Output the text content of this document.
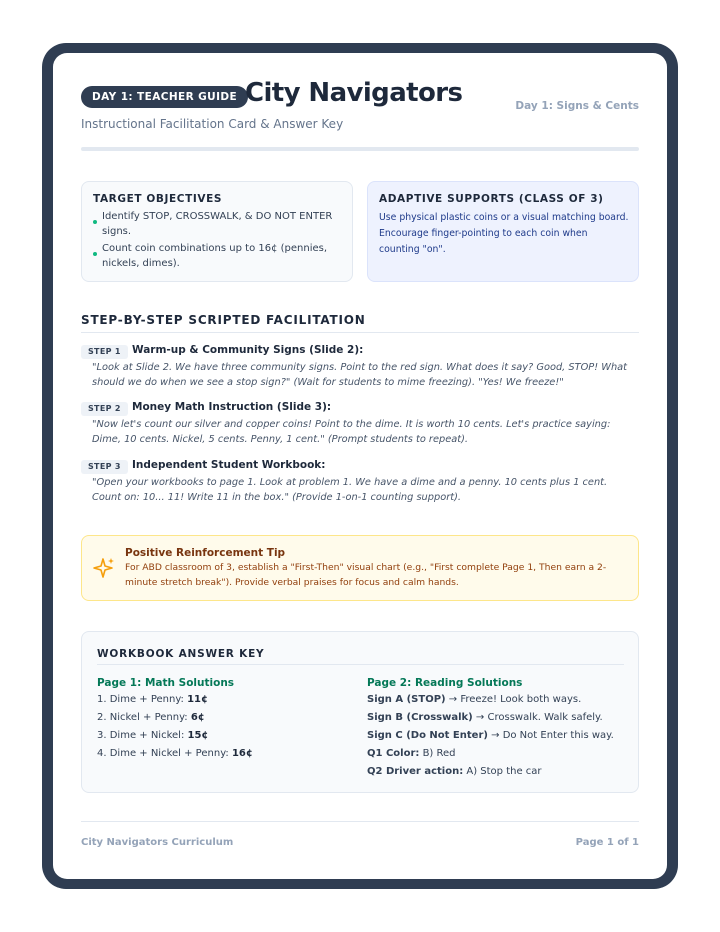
DAY 1: TEACHER GUIDE City Navigators
Instructional Facilitation Card & Answer Key
Day 1: Signs & Cents
TARGET OBJECTIVES
Identify STOP, CROSSWALK, & DO NOT ENTER signs.
Count coin combinations up to 16¢ (pennies, nickels, dimes).
ADAPTIVE SUPPORTS (CLASS OF 3)
Use physical plastic coins or a visual matching board. Encourage finger-pointing to each coin when counting "on".
STEP-BY-STEP SCRIPTED FACILITATION
STEP 1	Warm-up & Community Signs (Slide 2):
"Look at Slide 2. We have three community signs. Point to the red sign. What does it say? Good, STOP! What should we do when we see a stop sign?" (Wait for students to mime freezing). "Yes! We freeze!"
STEP 2	Money Math Instruction (Slide 3):
"Now let's count our silver and copper coins! Point to the dime. It is worth 10 cents. Let's practice saying: Dime, 10 cents. Nickel, 5 cents. Penny, 1 cent." (Prompt students to repeat).
STEP 3	Independent Student Workbook:
"Open your workbooks to page 1. Look at problem 1. We have a dime and a penny. 10 cents plus 1 cent. Count on: 10... 11! Write 11 in the box." (Provide 1-on-1 counting support).
Positive Reinforcement Tip
For ABD classroom of 3, establish a "First-Then" visual chart (e.g., "First complete Page 1, Then earn a 2-minute stretch break"). Provide verbal praises for focus and calm hands.
WORKBOOK ANSWER KEY
Page 1: Math Solutions
1. Dime + Penny: 11¢
2. Nickel + Penny: 6¢
3. Dime + Nickel: 15¢
4. Dime + Nickel + Penny: 16¢
Page 2: Reading Solutions
Sign A (STOP) → Freeze! Look both ways.
Sign B (Crosswalk) → Crosswalk. Walk safely.
Sign C (Do Not Enter) → Do Not Enter this way.
Q1 Color: B) Red
Q2 Driver action: A) Stop the car
City Navigators Curriculum	Page 1 of 1
